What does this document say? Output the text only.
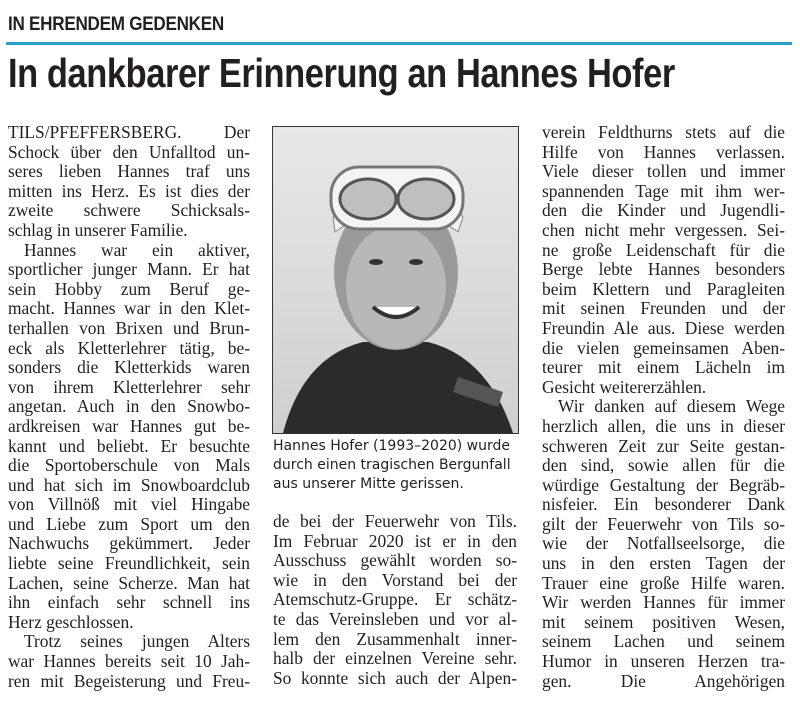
IN EHRENDEM GEDENKEN
In dankbarer Erinnerung an Hannes Hofer
TILS/PFEFFERSBERG. Der
Schock über den Unfalltod un-
seres lieben Hannes traf uns
mitten ins Herz. Es ist dies der
zweite schwere Schicksals-
schlag in unserer Familie.
Hannes war ein aktiver,
sportlicher junger Mann. Er hat
sein Hobby zum Beruf ge-
macht. Hannes war in den Klet-
terhallen von Brixen und Brun-
eck als Kletterlehrer tätig, be-
sonders die Kletterkids waren
von ihrem Kletterlehrer sehr
angetan. Auch in den Snowbo-
ardkreisen war Hannes gut be-
kannt und beliebt. Er besuchte
die Sportoberschule von Mals
und hat sich im Snowboardclub
von Villnöß mit viel Hingabe
und Liebe zum Sport um den
Nachwuchs gekümmert. Jeder
liebte seine Freundlichkeit, sein
Lachen, seine Scherze. Man hat
ihn einfach sehr schnell ins
Herz geschlossen.
Trotz seines jungen Alters
war Hannes bereits seit 10 Jah-
ren mit Begeisterung und Freu-
Hannes Hofer (1993–2020) wurde durch einen tragischen Bergunfall aus unserer Mitte gerissen.
de bei der Feuerwehr von Tils.
Im Februar 2020 ist er in den
Ausschuss gewählt worden so-
wie in den Vorstand bei der
Atemschutz-Gruppe. Er schätz-
te das Vereinsleben und vor al-
lem den Zusammenhalt inner-
halb der einzelnen Vereine sehr.
So konnte sich auch der Alpen-
verein Feldthurns stets auf die
Hilfe von Hannes verlassen.
Viele dieser tollen und immer
spannenden Tage mit ihm wer-
den die Kinder und Jugendli-
chen nicht mehr vergessen. Sei-
ne große Leidenschaft für die
Berge lebte Hannes besonders
beim Klettern und Paragleiten
mit seinen Freunden und der
Freundin Ale aus. Diese werden
die vielen gemeinsamen Aben-
teurer mit einem Lächeln im
Gesicht weitererzählen.
Wir danken auf diesem Wege
herzlich allen, die uns in dieser
schweren Zeit zur Seite gestan-
den sind, sowie allen für die
würdige Gestaltung der Begräb-
nisfeier. Ein besonderer Dank
gilt der Feuerwehr von Tils so-
wie der Notfallseelsorge, die
uns in den ersten Tagen der
Trauer eine große Hilfe waren.
Wir werden Hannes für immer
mit seinem positiven Wesen,
seinem Lachen und seinem
Humor in unseren Herzen tra-
gen. Die Angehörigen
